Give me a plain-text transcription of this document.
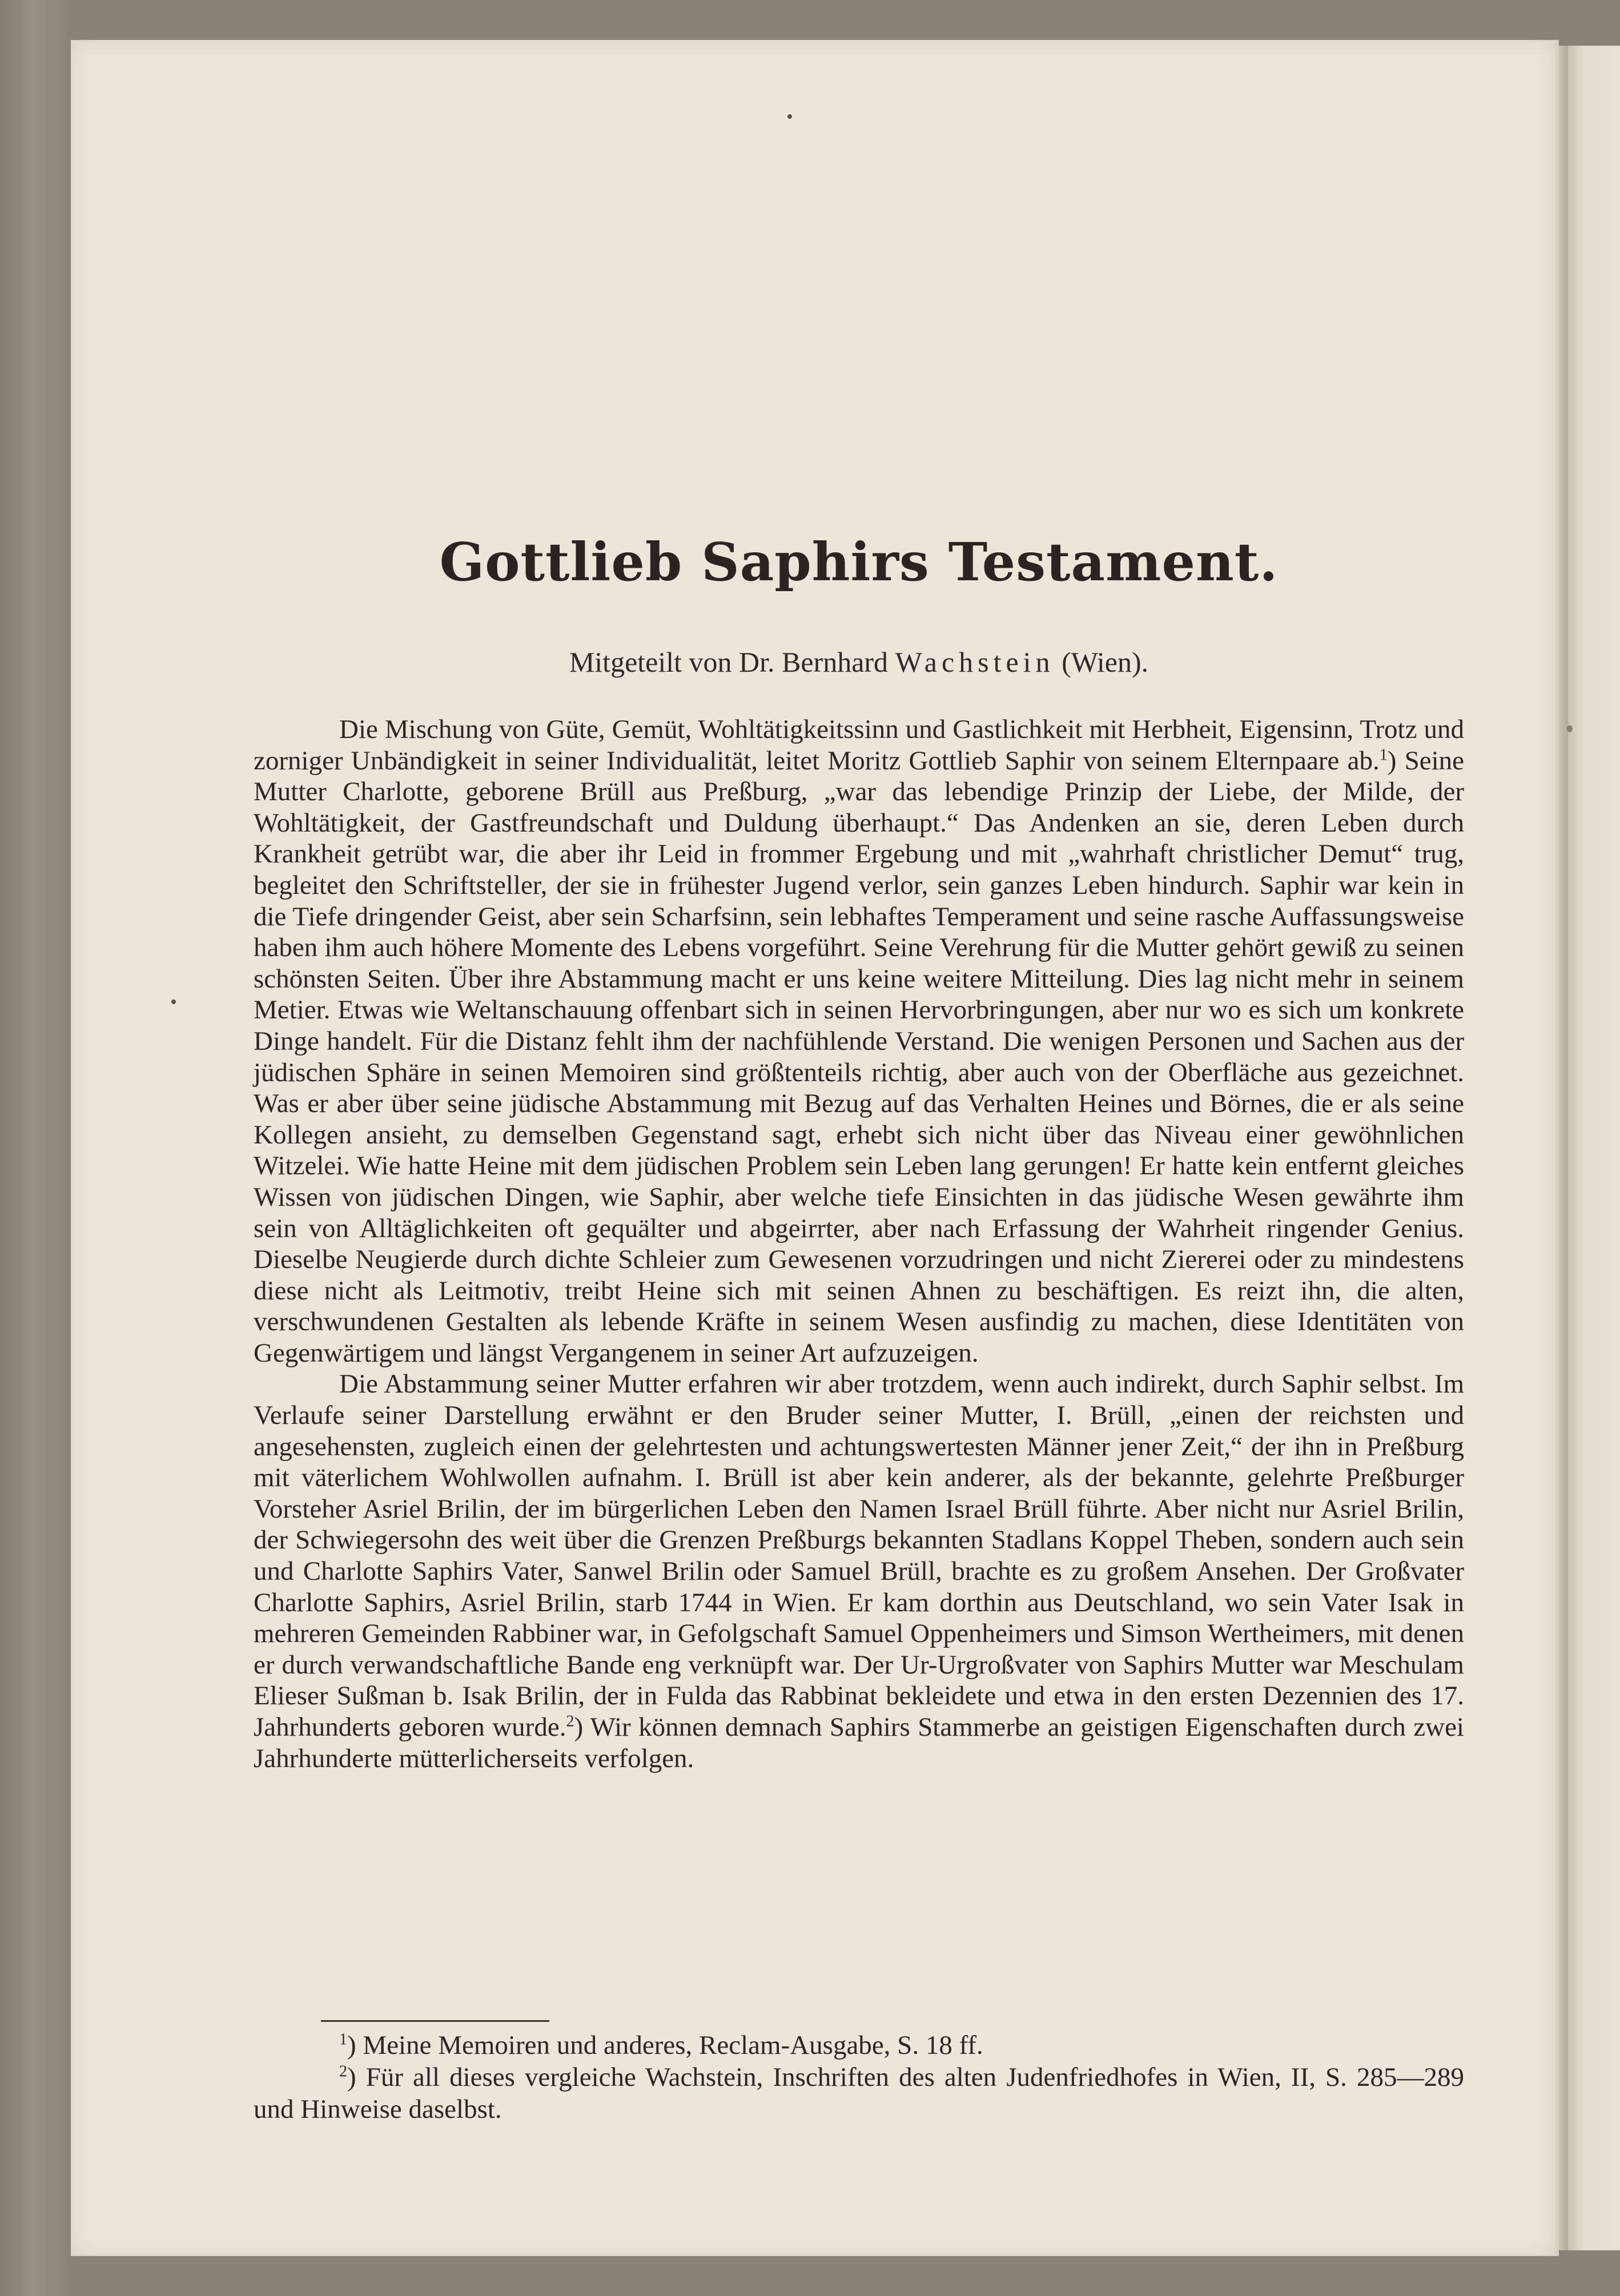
Gottlieb Saphirs Testament.
Mitgeteilt von Dr. Bernhard Wachstein (Wien).

Die Mischung von Güte, Gemüt, Wohltätigkeitssinn und Gastlichkeit mit Herbheit, Eigensinn, Trotz und zorniger Unbändigkeit in seiner Individualität, leitet Moritz Gottlieb Saphir von seinem Elternpaare ab.$^1$) Seine Mutter Charlotte, geborene Brüll aus Preßburg, „war das lebendige Prinzip der Liebe, der Milde, der Wohltätigkeit, der Gastfreundschaft und Duldung überhaupt.“ Das Andenken an sie, deren Leben durch Krankheit getrübt war, die aber ihr Leid in frommer Ergebung und mit „wahrhaft christlicher Demut“ trug, begleitet den Schriftsteller, der sie in frühester Jugend verlor, sein ganzes Leben hindurch. Saphir war kein in die Tiefe dringender Geist, aber sein Scharfsinn, sein lebhaftes Temperament und seine rasche Auffassungsweise haben ihm auch höhere Momente des Lebens vorgeführt. Seine Verehrung für die Mutter gehört gewiß zu seinen schönsten Seiten. Über ihre Abstammung macht er uns keine weitere Mitteilung. Dies lag nicht mehr in seinem Metier. Etwas wie Weltanschauung offenbart sich in seinen Hervorbringungen, aber nur wo es sich um konkrete Dinge handelt. Für die Distanz fehlt ihm der nachfühlende Verstand. Die wenigen Personen und Sachen aus der jüdischen Sphäre in seinen Memoiren sind größtenteils richtig, aber auch von der Oberfläche aus gezeichnet. Was er aber über seine jüdische Abstammung mit Bezug auf das Verhalten Heines und Börnes, die er als seine Kollegen ansieht, zu demselben Gegenstand sagt, erhebt sich nicht über das Niveau einer gewöhnlichen Witzelei. Wie hatte Heine mit dem jüdischen Problem sein Leben lang gerungen! Er hatte kein entfernt gleiches Wissen von jüdischen Dingen, wie Saphir, aber welche tiefe Einsichten in das jüdische Wesen gewährte ihm sein von Alltäglichkeiten oft gequälter und abgeirrter, aber nach Erfassung der Wahrheit ringender Genius. Dieselbe Neugierde durch dichte Schleier zum Gewesenen vorzudringen und nicht Ziererei oder zu mindestens diese nicht als Leitmotiv, treibt Heine sich mit seinen Ahnen zu beschäftigen. Es reizt ihn, die alten, verschwundenen Gestalten als lebende Kräfte in seinem Wesen ausfindig zu machen, diese Identitäten von Gegenwärtigem und längst Vergangenem in seiner Art aufzuzeigen.

Die Abstammung seiner Mutter erfahren wir aber trotzdem, wenn auch indirekt, durch Saphir selbst. Im Verlaufe seiner Darstellung erwähnt er den Bruder seiner Mutter, I. Brüll, „einen der reichsten und angesehensten, zugleich einen der gelehrtesten und achtungswertesten Männer jener Zeit,“ der ihn in Preßburg mit väterlichem Wohlwollen aufnahm. I. Brüll ist aber kein anderer, als der bekannte, gelehrte Preßburger Vorsteher Asriel Brilin, der im bürgerlichen Leben den Namen Israel Brüll führte. Aber nicht nur Asriel Brilin, der Schwiegersohn des weit über die Grenzen Preßburgs bekannten Stadlans Koppel Theben, sondern auch sein und Charlotte Saphirs Vater, Sanwel Brilin oder Samuel Brüll, brachte es zu großem Ansehen. Der Großvater Charlotte Saphirs, Asriel Brilin, starb 1744 in Wien. Er kam dorthin aus Deutschland, wo sein Vater Isak in mehreren Gemeinden Rabbiner war, in Gefolgschaft Samuel Oppenheimers und Simson Wertheimers, mit denen er durch verwandschaftliche Bande eng verknüpft war. Der Ur-Urgroßvater von Saphirs Mutter war Meschulam Elieser Sußman b. Isak Brilin, der in Fulda das Rabbinat bekleidete und etwa in den ersten Dezennien des 17. Jahrhunderts geboren wurde.$^2$) Wir können demnach Saphirs Stammerbe an geistigen Eigenschaften durch zwei Jahrhunderte mütterlicherseits verfolgen.

$^1$) Meine Memoiren und anderes, Reclam-Ausgabe, S. 18 ff.

$^2$) Für all dieses vergleiche Wachstein, Inschriften des alten Judenfriedhofes in Wien, II, S. 285—289 und Hinweise daselbst.
